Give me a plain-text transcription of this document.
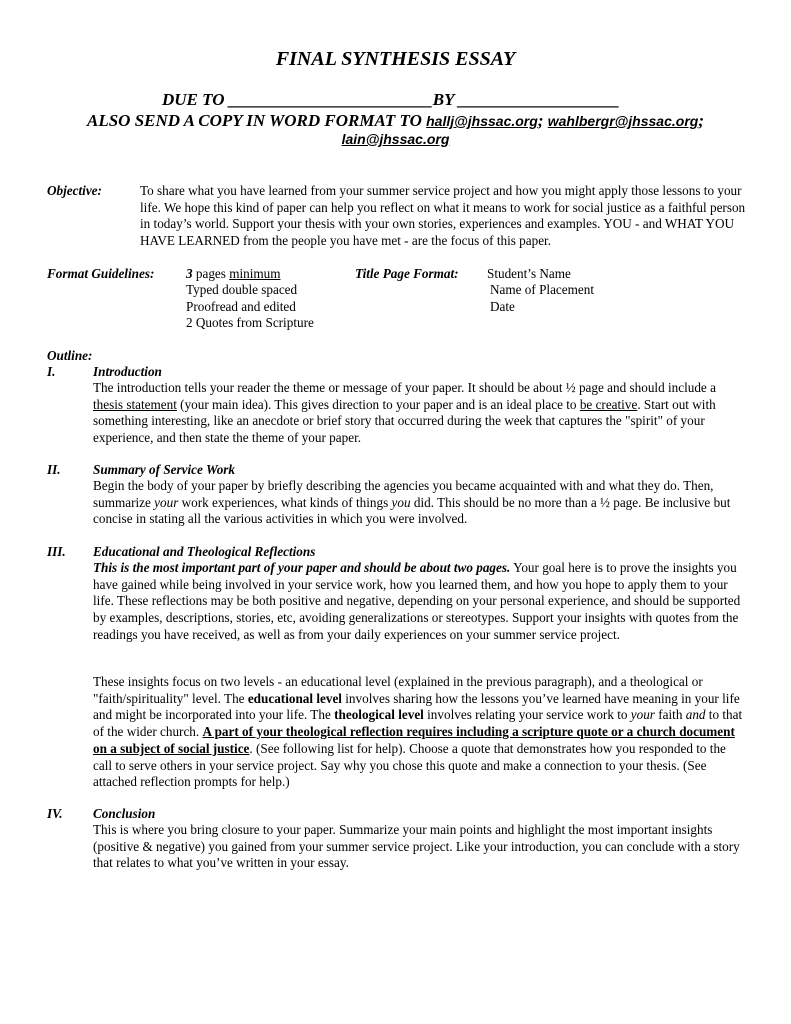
FINAL SYNTHESIS ESSAY
DUE TO ________________________BY ___________________
ALSO SEND A COPY IN WORD FORMAT TO hallj@jhssac.org; wahlbergr@jhssac.org;
lain@jhssac.org
Objective:	To share what you have learned from your summer service project and how you might apply those lessons to your life. We hope this kind of paper can help you reflect on what it means to work for social justice as a faithful person in today’s world. Support your thesis with your own stories, experiences and examples. YOU - and WHAT YOU HAVE LEARNED from the people you have met - are the focus of this paper.
Format Guidelines: 3 pages minimum
Typed double spaced
Proofread and edited
2 Quotes from Scripture
Title Page Format: Student’s Name
Name of Placement
Date
Outline:
I.	Introduction
The introduction tells your reader the theme or message of your paper. It should be about ½ page and should include a thesis statement (your main idea). This gives direction to your paper and is an ideal place to be creative. Start out with something interesting, like an anecdote or brief story that occurred during the week that captures the "spirit" of your experience, and then state the theme of your paper.
II. Summary of Service Work
Begin the body of your paper by briefly describing the agencies you became acquainted with and what they do. Then, summarize your work experiences, what kinds of things you did. This should be no more than a ½ page. Be inclusive but concise in stating all the various activities in which you were involved.
III. Educational and Theological Reflections
This is the most important part of your paper and should be about two pages. Your goal here is to prove the insights you have gained while being involved in your service work, how you learned them, and how you hope to apply them to your life. These reflections may be both positive and negative, depending on your personal experience, and should be supported by examples, descriptions, stories, etc, avoiding generalizations or stereotypes. Support your insights with quotes from the readings you have received, as well as from your daily experiences on your summer service project.
These insights focus on two levels - an educational level (explained in the previous paragraph), and a theological or "faith/spirituality" level. The educational level involves sharing how the lessons you’ve learned have meaning in your life and might be incorporated into your life. The theological level involves relating your service work to your faith and to that of the wider church. A part of your theological reflection requires including a scripture quote or a church document on a subject of social justice. (See following list for help). Choose a quote that demonstrates how you responded to the call to serve others in your service project. Say why you chose this quote and make a connection to your thesis. (See attached reflection prompts for help.)
IV. Conclusion
This is where you bring closure to your paper. Summarize your main points and highlight the most important insights (positive & negative) you gained from your summer service project. Like your introduction, you can conclude with a story that relates to what you’ve written in your essay.
